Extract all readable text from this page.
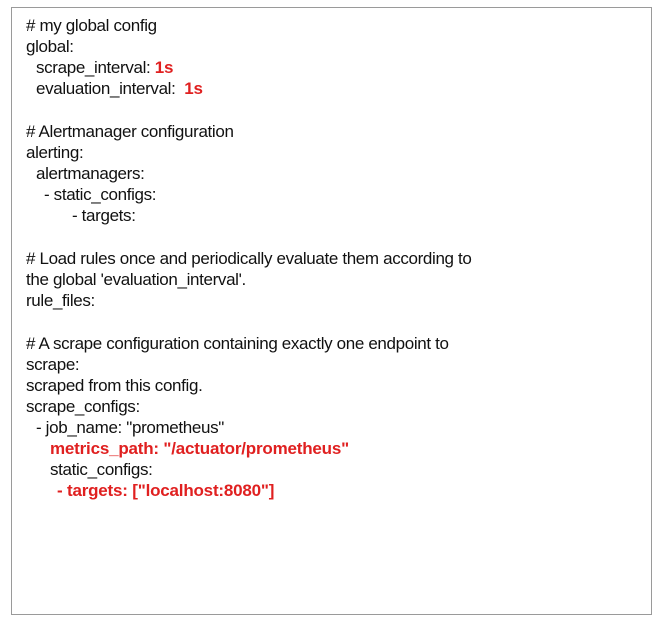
# my global config
global:
scrape_interval: 1s
evaluation_interval:  1s
# Alertmanager configuration
alerting:
alertmanagers:
- static_configs:
- targets:
# Load rules once and periodically evaluate them according to
the global 'evaluation_interval'.
rule_files:
# A scrape configuration containing exactly one endpoint to
scrape:
scraped from this config.
scrape_configs:
- job_name: "prometheus"
metrics_path: "/actuator/prometheus"
static_configs:
- targets: ["localhost:8080"]
